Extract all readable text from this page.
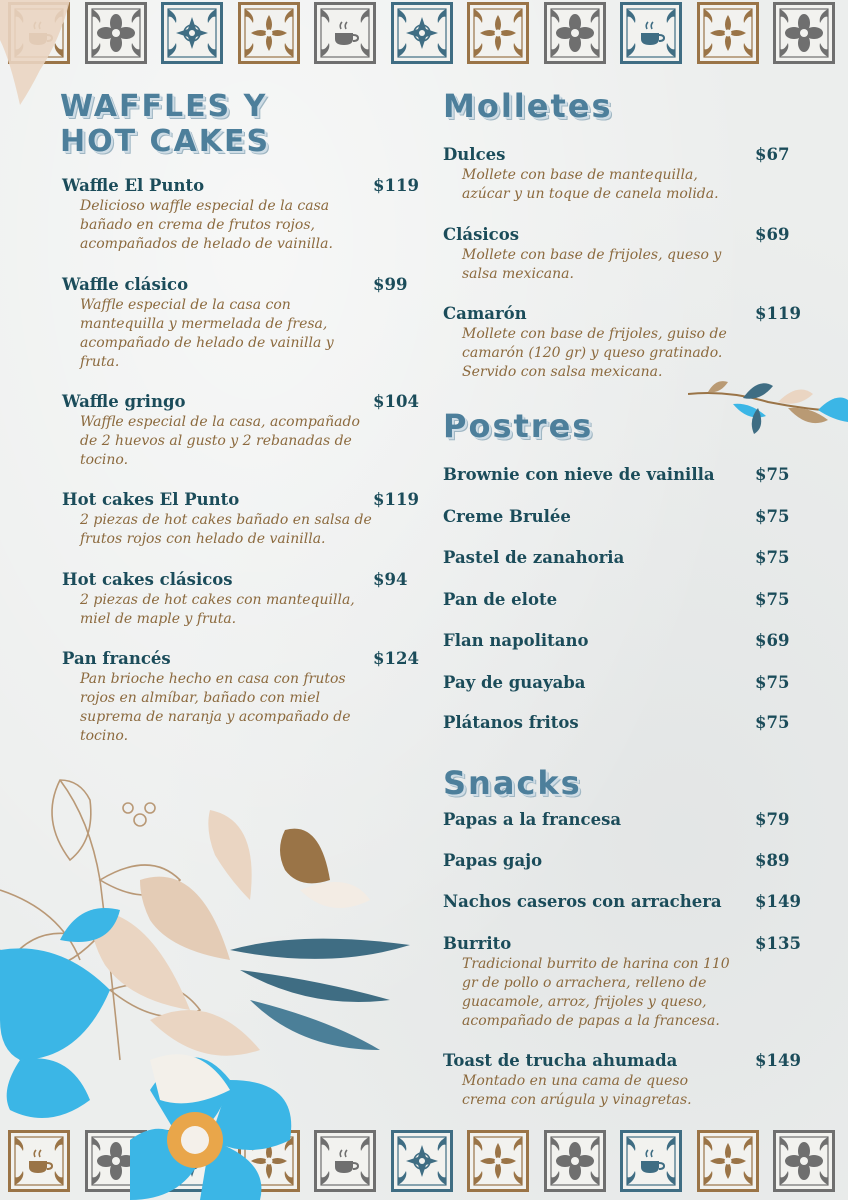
WAFFLES Y
HOT CAKES

Waffle El Punto	$119

Delicioso waffle especial de la casa bañado en crema de frutos rojos, acompañados de helado de vainilla.

Waffle clásico	$99

Waffle especial de la casa con mantequilla y mermelada de fresa, acompañado de helado de vainilla y fruta.

Waffle gringo	$104

Waffle especial de la casa, acompañado de 2 huevos al gusto y 2 rebanadas de tocino.

Hot cakes El Punto	$119

2 piezas de hot cakes bañado en salsa de frutos rojos con helado de vainilla.

Hot cakes clásicos	$94

2 piezas de hot cakes con mantequilla, miel de maple y fruta.

Pan francés	$124

Pan brioche hecho en casa con frutos rojos en almíbar, bañado con miel suprema de naranja y acompañado de tocino.

Molletes

Dulces	$67

Mollete con base de mantequilla, azúcar y un toque de canela molida.

Clásicos	$69

Mollete con base de frijoles, queso y salsa mexicana.

Camarón	$119

Mollete con base de frijoles, guiso de camarón (120 gr) y queso gratinado. Servido con salsa mexicana.

Postres

Brownie con nieve de vainilla $75

Creme Brulée	$75

Pastel de zanahoria	$75

Pan de elote	$75

Flan napolitano	$69

Pay de guayaba	$75

Plátanos fritos	$75

Snacks

Papas a la francesa	$79

Papas gajo	$89

Nachos caseros con arrachera $149

Burrito	$135

Tradicional burrito de harina con 110 gr de pollo o arrachera, relleno de guacamole, arroz, frijoles y queso, acompañado de papas a la francesa.

Toast de trucha ahumada	$149

Montado en una cama de queso crema con arúgula y vinagretas.
